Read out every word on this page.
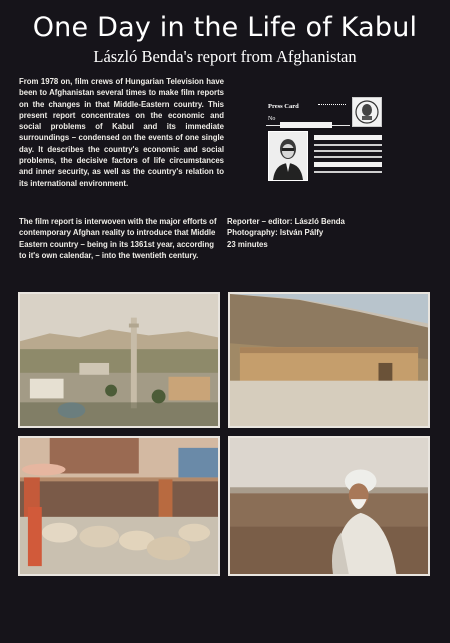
One Day in the Life of Kabul
László Benda's report from Afghanistan

From 1978 on, film crews of Hungarian Television have been to Afghanistan several times to make film reports on the changes in that Middle-Eastern country. This present report concentrates on the economic and social problems of Kabul and its immediate surroundings – condensed on the events of one single day. It describes the country's economic and social problems, the decisive factors of life circumstances and inner security, as well as the country's relation to its international environment.

Press Card
No

The film report is interwoven with the major efforts of contemporary Afghan reality to introduce that Middle Eastern country – being in its 1361st year, according to it's own calendar, – into the twentieth century.

Reporter – editor: László Benda
Photography: István Pálfy
23 minutes
